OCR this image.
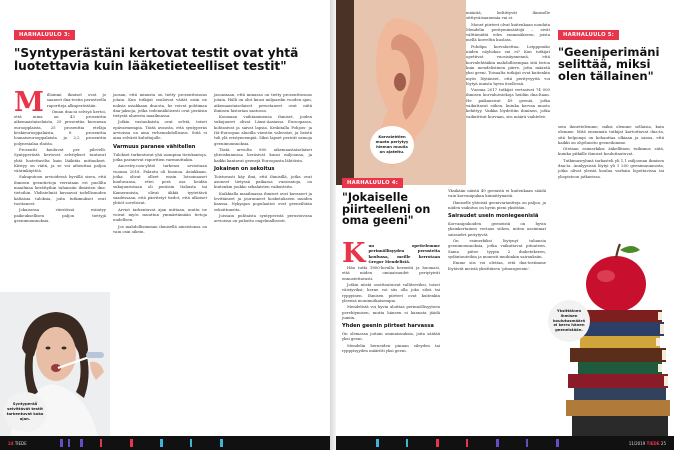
HARHALUULO 3:
"Syntyperästäni kertovat testit ovat yhtä luotettavia kuin lääketieteelliset testit"

Milloinmi ihmiset ovat jo saaneet dna-testin perusteella raportteja alkuperästään.

Oman dna:ni selviyä kertoi, että mina on 43 prosenttia aikemaastaiselaista, 25 prosenttia koronean euroopplaista, 25 prosenttia eteläja keskieurooppalaista, 6 prosenttia lounaiseurooppalaista ja 2,2 prosenttia polynesialaa rlaista.

Prosentti kuuluvat per pilevelli. Syntyperästä kertovat selvitykset tuntuvat yhtä luotettavilta kuin lääkitäs mittaukset. Kiistyy on väitä, ja se voi aiheuttaa paljon väärinkäyttöä.

Sukuputoon arvioidessä hyvällä sisen, että ihmisen geenitietoja verrataan eri puolilta maailmaa kerättyihin tuhansiin ihmisten dna-tietoihin. Yhdistelmät kuvaavat todellisuuden kaltaisia tuloksia, joita tutkimukset ovat tuottaneet.

Jokaisessa väestössä esiintyy paikeuksellisen paljon tiettyjä geenimuunnoksia.

jaosan, että minusta on tietty prosenttiosuus jotain. Kun tutkijat seuloivat väität osiin ne noksia asiakkaan dna:sta, he voivat pohtimaa dna-jaksoja, jotka todennäköisesti ovat peräisin tietystä alueesta maailmassa.

Jotkin vastauksista ovat selviä, toiset epävarmempia. Tästä avausta, että syntyperäs arvioissa on aina virhemahdollisuus. Siitä ei aina selvästi kuluttajalle.

Varmuus paranee vähitellen

Tulokset tarkentuvat yhä isompina tietokantoja, jotka paranevat raporttien varmuuttakin.

Ancestry.com-yhtiö tarkensi arvioitaan vuonna 2018. Palautu oli huonoa. Asiakkaan, jotka olivat olleet ensin lotsoinaaset kuuluvansa, ettei perä osa heidän sukujuuristaan oli peräisin Italiasta tai Kamerunista, olivat äkkiä tyytettävä saadessaan, että päivitetyt tiedot, että ulkoiset yhtiöt sovelsivat.

Arviot tarkentuvat ajan mittaan, mutta ne voivat myös muuttua ymmärtämään tietoja uudelleen.

Jos mahdollisimman ihmisellä aineistonsa on vain osin oikein.

jasoasiaan, että minussa on tietty prosenttiosuus jotain. Hälli on olut kuusi miljaardin vuoden ajan, aikemaastaiselaiset perustaneet ovat niitä ihmisen historian saatossa.

Koomaan vaihtaminensa ihmiset, joiden sukujuuret olivat Länsi-Aasiassa Euroopassa, kohtasivat ja saivat lapsia. Keskitalla Pohjois- ja Itä-Euroopan alueilla väestön vahvistat, ja heistä tuli ylä eristyneempiä. Siksi lapset perivät samoja geenimuunnoksia.

Tästä arviolta 800 aikemaastaiselaiset yhteiskunnissa heräsivät kuusi miljoonaa, ja kaikki kantavat geenejä Euroopasta lähtöisin.

Jokainen on sekoitus

Toistuvasti käy ilmi, että ihmisillä, jotka ovat asuneet tietyssä paikassa vuosisatoja, on kuitenkin joukko sekalaisten vaikutteita.

Kaikkialla maailmassa ihmiset ovat kavaneet ja levittäneet ja jourunneet kosketukseen muiden kanssa. Nykyajan populaatiot ovat geeneiltään sekoittuneita.

Joissain puhtaista syntyperistä perustuvissa arvioissa on puhuttu ongelmallisesti.

Syntyperäå selvittävät testit tarkentuvat koko ajan.
24 TIEDE
Korvalehtien muoto periytyy hieman muulla on ajateltu.

määrää, keltittyvät ihmiselle sitttyväisuanemia vai ei.

Monet piirteet olvat kuitenkaan noudata Mendelin perityminsäätöjä – eivät välttämättä edes enimmäkseen, joista mellä korreltin kuolata.

Pohdipa korvaluettua. Leipppuuko niiden nöyhokas vai ei? Kun tutkijat opettivat vuosisäynnennä, että korvalehtääkin mahdollisempaa sitä tietoa kuin mendelistinen piirre, jotta määrää yksi geeni. Toisaalta tutkijat ovat kuitenkin myös löytäneet, että perityvyyttä voi löytyä muista hyvin itsellessä.

Vuonna 2017 tutkijat vertasivat 74 000 ihmisen korvaluesiekoja heidän dna:ltaan. He paikansivat 49 geeniä, jotka vaikuttavat siihen, kuinka korvan muoto kehittyy. Vaikka löydettiin ihminen, jotka vaikuttivat korvaan, siis määrä vaihtelee.

HARHALUULO 4:
"Jokaiselle piirteelleni on oma geeni"

Kun opettelemme perinnöllisyyden perusteita koulussa, meille kerrotaan Gregor Mendelistä.

Hän tutki 1800-luvulla herneitä ja huomasi, että niiden ominaisuudet periytyivät ennustettavasti.

Jotkin niistä osoittautuivat vallitseviksi, toiset väistyviksi; herne voi siis olla joko sileä tai ryppyinen. Ihmisen piirteet ovat kuitenkin yleensä monimutkaisempia.

Mendelistä voi hyvin aloittaa perinnöllisyyteen perehtymisen, mutta häneen ei kannata jäädä jumiin.

Yhden geenin piirteet harvassa

On olemassa joitain ominaisuuksia, joita säätää yksi geeni.

Mendelin herneiden pinnan sileyden tai ryppyisyyden määritti yksi geeni.

Yksikään näistä 49 geenistä ei kuitenkaan säädä vain korvanipukan kiinnittymistä.

Ihmiselle yhteisiä geenivariantteja on paljon, ja niiden vaikutus on hyvin pieni yksittäin.

Sairaudet usein moniegeenisiä

Korvanipukoiden geeneistä on hyvin yksinkertainen vertaus siihen, miten useimmat sairaudet periytyvät.

On esimerkiksi löytynyt tuhansia geenimuunnoksia, jotka vaikuttavat pituuteen. Sama pätee tyypin 2 diabetekseen, sydäntauteihin ja monesti muihinkin sairauksiin.

Emme siis voi olettaa, että dna-testimme löytävät meistä yksittäisen 'pituusgeenin'.

HARHALUULO 5:
"Geeniperimäni selittää, miksi olen tällainen"

sein ihmettelemme, miksi olemme sellaisia, kuin olemme. Mitä enemmän tutkijat kartoittavat dna:ta, sitä helpompi on kohauttaa olkiaan ja sanoa, että kaikki on ohjelmoitu geeneihimme.

Otetaan esimerkiksi ääkelliinen tutkimus siitä, kuinka pitkälle ihmiset kouluttautuvat.

Tutkimusryhmä tarkasteli yli 1,1 miljoonan ihmisen dna:ta. Analyysissä löytyi yli 1 200 geenimuunnosta, jotka olivat yleisiä koulua varhain lopettavissa tai yliopistoon jatkavissa.

Yksittäinen ihmisen koulutusmäärä ei kerro hänen geeneistään.
11/2019 TIEDE 25
